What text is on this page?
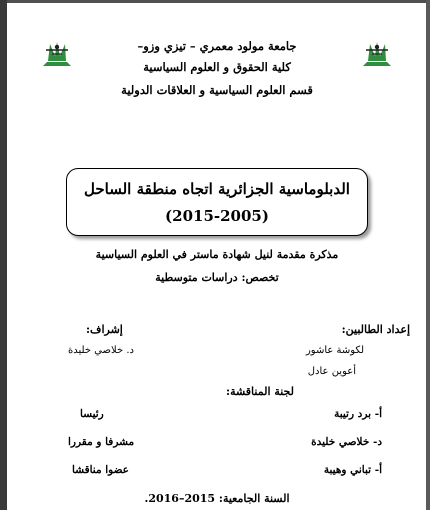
جامعة مولود معمري – تيزي وزو–
كلية الحقوق و العلوم السياسية
قسم العلوم السياسية و العلاقات الدولية
الدبلوماسية الجزائرية اتجاه منطقة الساحل
(2015-2005)
مذكرة مقدمة لنيل شهادة ماستر في العلوم السياسية
تخصص: دراسات متوسطية
إعداد الطالبين:
لكوشة عاشور
أعوين عادل
إشراف:
د. خلاصي خليدة
لجنة المناقشة:
أ- برد رتيبة
رئيسا
د- خلاصي خليدة
مشرفا و مقررا
أ- تباني وهيبة
عضوا مناقشا
السنة الجامعية: 2015–2016.
